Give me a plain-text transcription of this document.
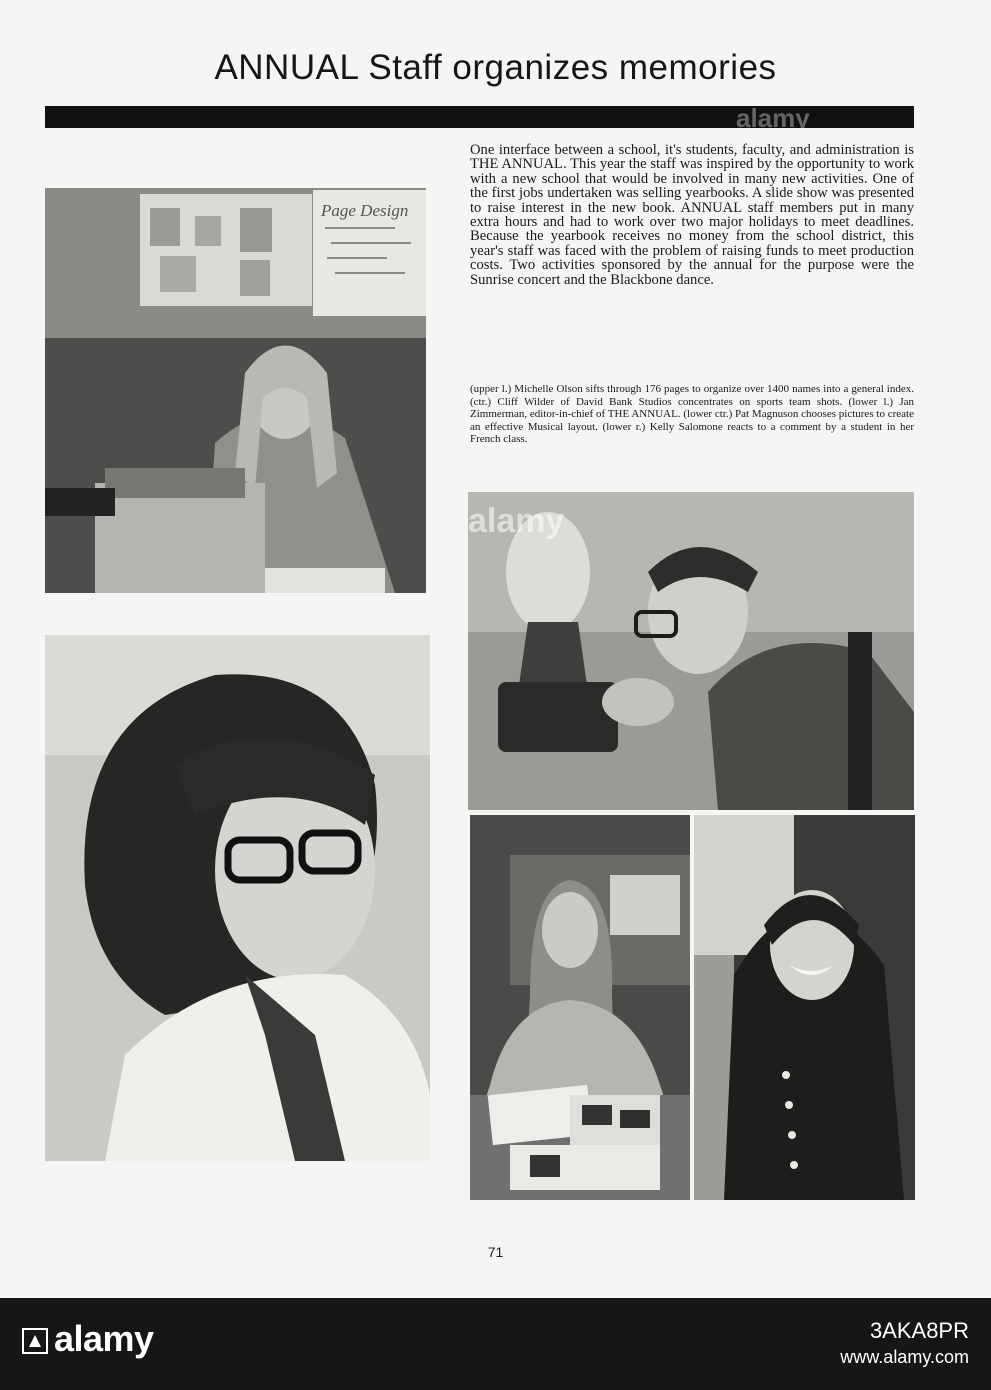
ANNUAL Staff organizes memories
alamy

One interface between a school, it's students, faculty, and administration is THE ANNUAL. This year the staff was inspired by the opportunity to work with a new school that would be involved in many new activities. One of the first jobs undertaken was selling yearbooks. A slide show was presented to raise interest in the new book. ANNUAL staff members put in many extra hours and had to work over two major holidays to meet deadlines. Because the yearbook receives no money from the school district, this year's staff was faced with the problem of raising funds to meet production costs. Two activities sponsored by the annual for the purpose were the Sunrise concert and the Blackbone dance.

(upper l.) Michelle Olson sifts through 176 pages to organize over 1400 names into a general index. (ctr.) Cliff Wilder of David Bank Studios concentrates on sports team shots. (lower l.) Jan Zimmerman, editor-in-chief of THE ANNUAL. (lower ctr.) Pat Magnuson chooses pictures to create an effective Musical layout. (lower r.) Kelly Salomone reacts to a comment by a student in her French class.

Page Design
alamy
71
alamy	3AKA8PR
www.alamy.com
